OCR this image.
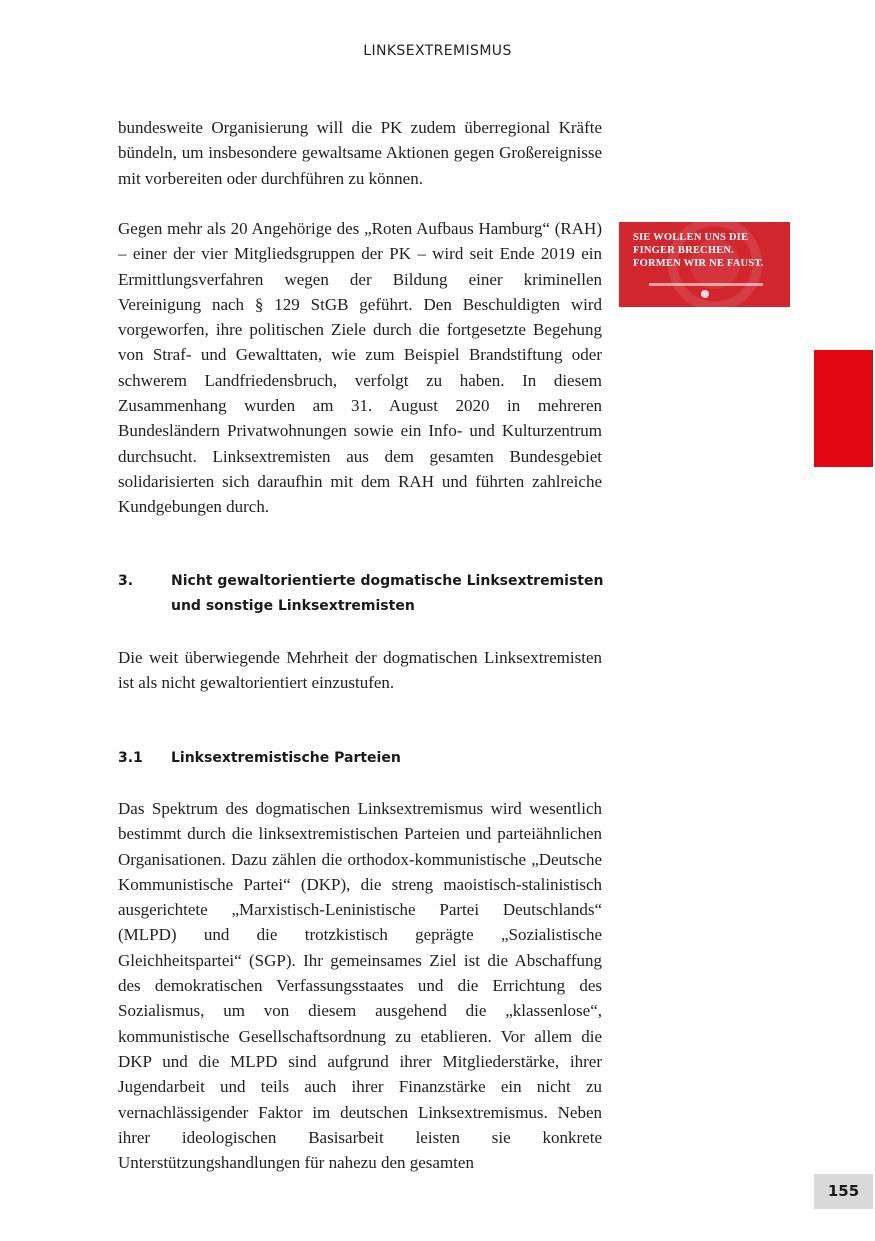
LINKSEXTREMISMUS

bundesweite Organisierung will die PK zudem überregional Kräfte bündeln, um insbesondere gewaltsame Aktionen gegen Großereignisse mit vorbereiten oder durchführen zu können.

Gegen mehr als 20 Angehörige des „Roten Aufbaus Hamburg“ (RAH) – einer der vier Mitgliedsgruppen der PK – wird seit Ende 2019 ein Ermittlungsverfahren wegen der Bildung einer kriminellen Vereinigung nach § 129 StGB geführt. Den Beschuldigten wird vorgeworfen, ihre politischen Ziele durch die fortgesetzte Begehung von Straf- und Gewalttaten, wie zum Beispiel Brandstiftung oder schwerem Landfriedensbruch, verfolgt zu haben. In diesem Zusammenhang wurden am 31. August 2020 in mehreren Bundesländern Privatwohnungen sowie ein Info- und Kulturzentrum durchsucht. Linksextremisten aus dem gesamten Bundesgebiet solidarisierten sich daraufhin mit dem RAH und führten zahlreiche Kundgebungen durch.

SIE WOLLEN UNS DIE
FINGER BRECHEN.
FORMEN WIR NE FAUST.

3.	Nicht gewaltorientierte dogmatische Linksextremisten und sonstige Linksextremisten

Die weit überwiegende Mehrheit der dogmatischen Linksextremisten ist als nicht gewaltorientiert einzustufen.

3.1 Linksextremistische Parteien

Das Spektrum des dogmatischen Linksextremismus wird wesentlich bestimmt durch die linksextremistischen Parteien und parteiähnlichen Organisationen. Dazu zählen die orthodox-kommunistische „Deutsche Kommunistische Partei“ (DKP), die streng maoistisch-stalinistisch ausgerichtete „Marxistisch-Leninistische Partei Deutschlands“ (MLPD) und die trotzkistisch geprägte „Sozialistische Gleichheitspartei“ (SGP). Ihr gemeinsames Ziel ist die Abschaffung des demokratischen Verfassungsstaates und die Errichtung des Sozialismus, um von diesem ausgehend die „klassenlose“, kommunistische Gesellschaftsordnung zu etablieren. Vor allem die DKP und die MLPD sind aufgrund ihrer Mitgliederstärke, ihrer Jugendarbeit und teils auch ihrer Finanzstärke ein nicht zu vernachlässigender Faktor im deutschen Linksextremismus. Neben ihrer ideologischen Basisarbeit leisten sie konkrete Unterstützungshandlungen für nahezu den gesamten

155
